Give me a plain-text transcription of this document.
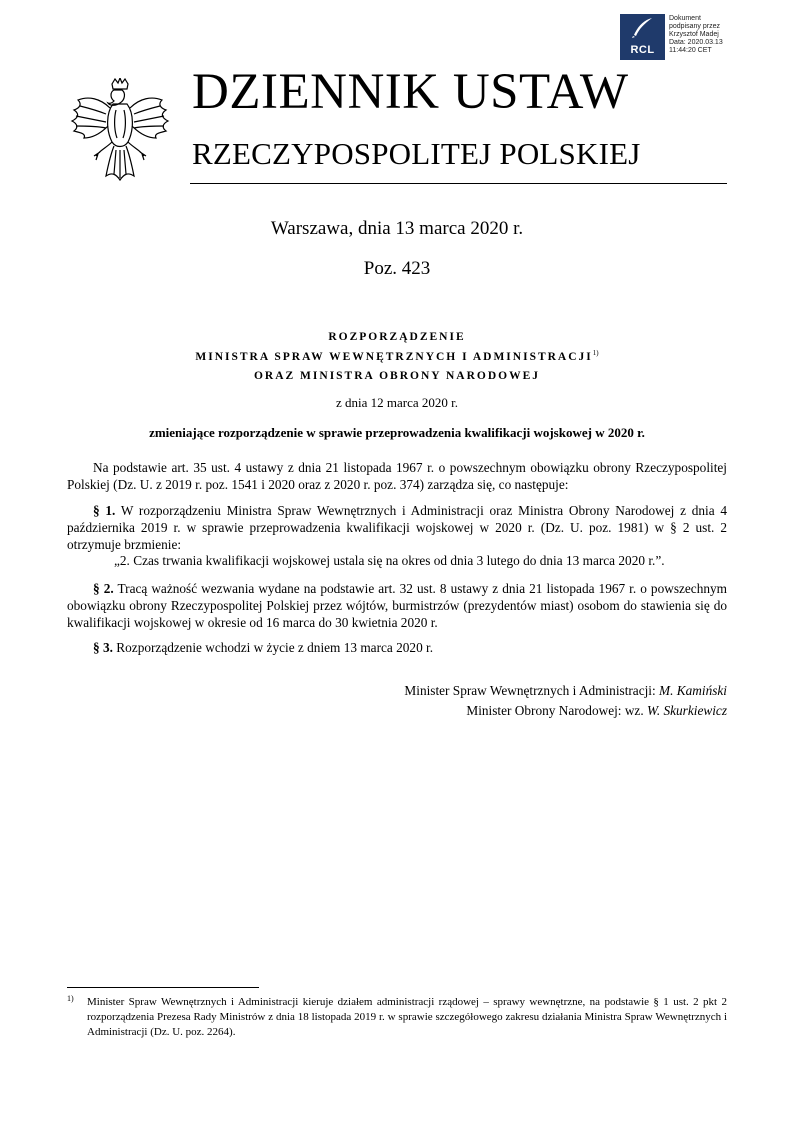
RCL
Dokument
podpisany przez
Krzysztof Madej
Data: 2020.03.13
11:44:20 CET
DZIENNIK USTAW
RZECZYPOSPOLITEJ POLSKIEJ
Warszawa, dnia 13 marca 2020 r.
Poz. 423
ROZPORZĄDZENIE
MINISTRA SPRAW WEWNĘTRZNYCH I ADMINISTRACJI$^{1)}$
ORAZ MINISTRA OBRONY NARODOWEJ
z dnia 12 marca 2020 r.
zmieniające rozporządzenie w sprawie przeprowadzenia kwalifikacji wojskowej w 2020 r.
Na podstawie art. 35 ust. 4 ustawy z dnia 21 listopada 1967 r. o powszechnym obowiązku obrony Rzeczypospolitej Polskiej (Dz. U. z 2019 r. poz. 1541 i 2020 oraz z 2020 r. poz. 374) zarządza się, co następuje:
§ 1. W rozporządzeniu Ministra Spraw Wewnętrznych i Administracji oraz Ministra Obrony Narodowej z dnia 4 października 2019 r. w sprawie przeprowadzenia kwalifikacji wojskowej w 2020 r. (Dz. U. poz. 1981) w § 2 ust. 2 otrzymuje brzmienie:
„2. Czas trwania kwalifikacji wojskowej ustala się na okres od dnia 3 lutego do dnia 13 marca 2020 r.”.
§ 2. Tracą ważność wezwania wydane na podstawie art. 32 ust. 8 ustawy z dnia 21 listopada 1967 r. o powszechnym obowiązku obrony Rzeczypospolitej Polskiej przez wójtów, burmistrzów (prezydentów miast) osobom do stawienia się do kwalifikacji wojskowej w okresie od 16 marca do 30 kwietnia 2020 r.
§ 3. Rozporządzenie wchodzi w życie z dniem 13 marca 2020 r.
Minister Spraw Wewnętrznych i Administracji: M. Kamiński
Minister Obrony Narodowej: wz. W. Skurkiewicz
1) Minister Spraw Wewnętrznych i Administracji kieruje działem administracji rządowej – sprawy wewnętrzne, na podstawie § 1 ust. 2 pkt 2 rozporządzenia Prezesa Rady Ministrów z dnia 18 listopada 2019 r. w sprawie szczegółowego zakresu działania Ministra Spraw Wewnętrznych i Administracji (Dz. U. poz. 2264).
